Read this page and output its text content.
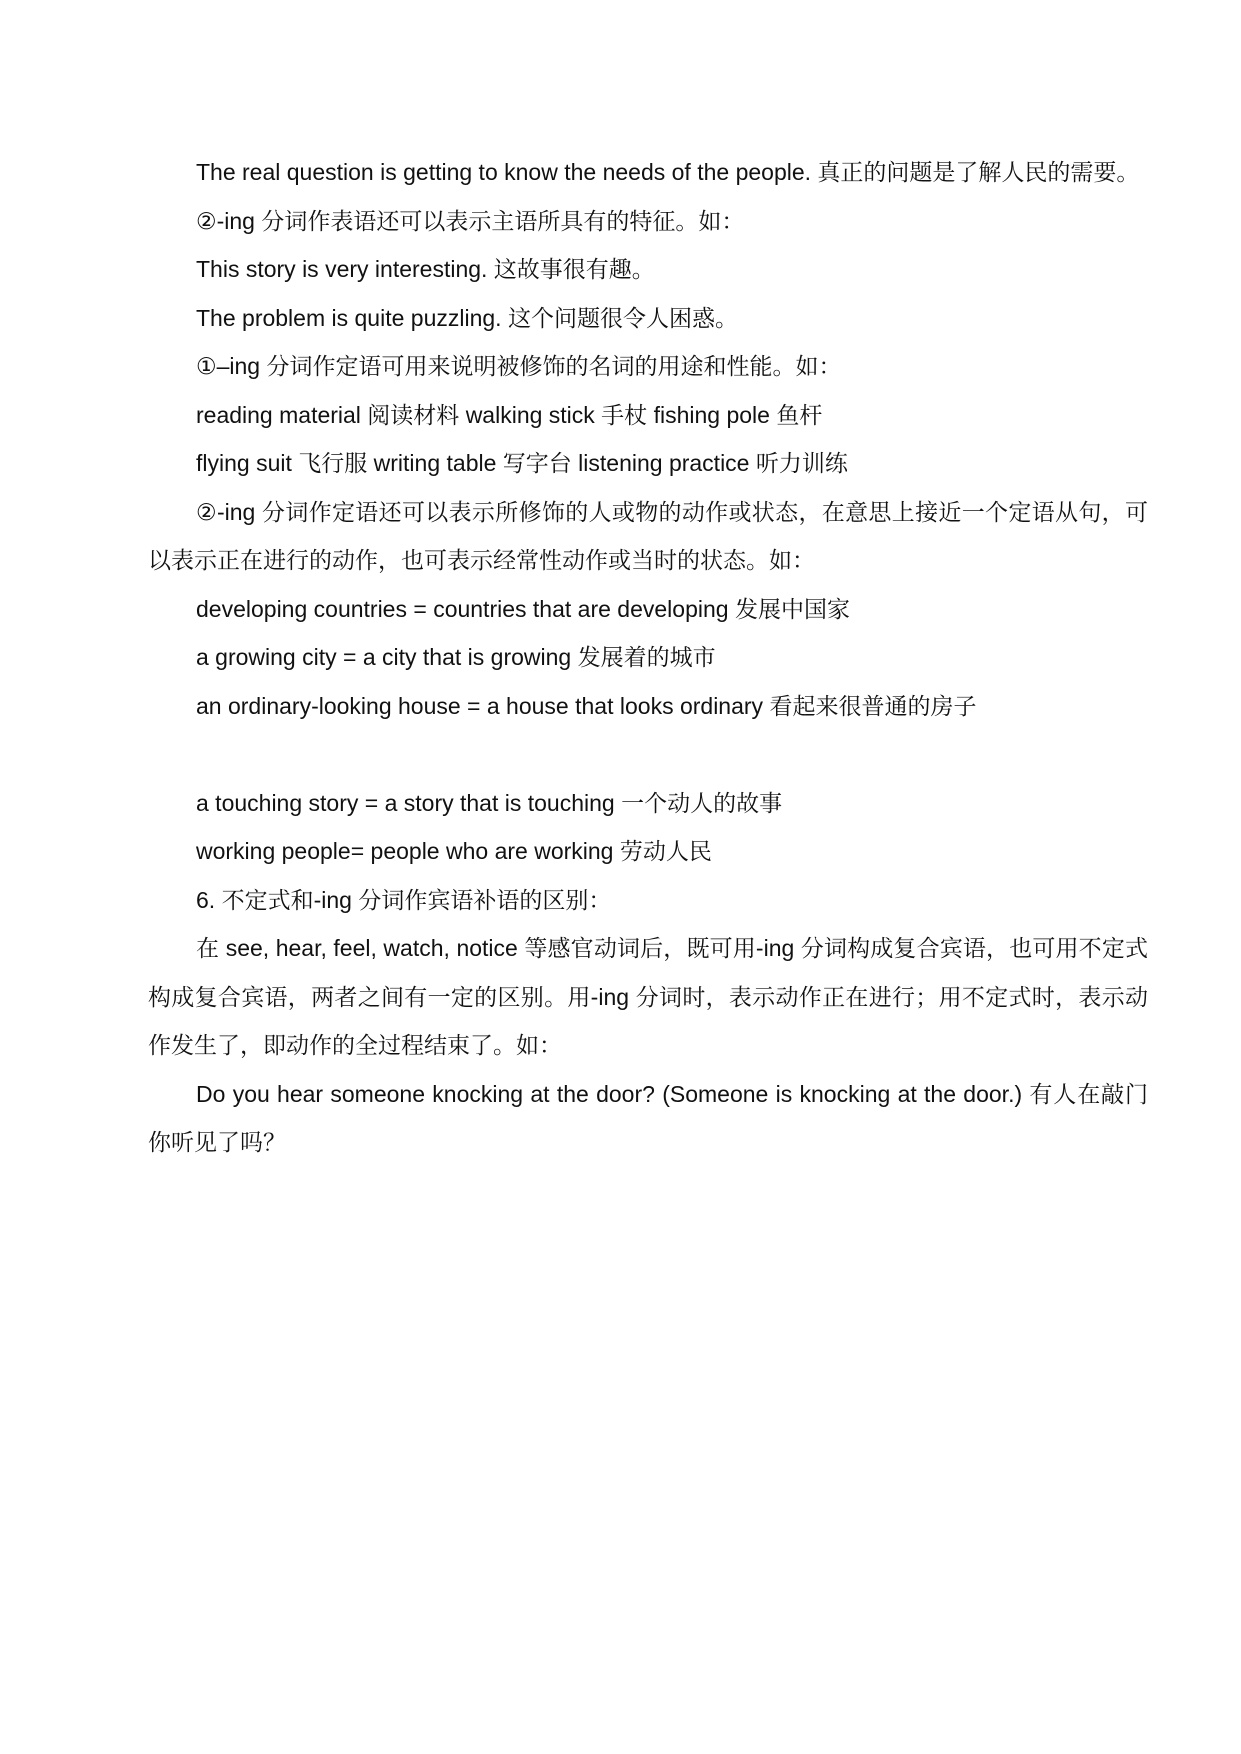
The real question is getting to know the needs of the people. 真正的问题是了解人民的需要。

②-ing 分词作表语还可以表示主语所具有的特征。如：

This story is very interesting. 这故事很有趣。

The problem is quite puzzling. 这个问题很令人困惑。

①–ing 分词作定语可用来说明被修饰的名词的用途和性能。如：

reading material 阅读材料 walking stick 手杖 fishing pole 鱼杆

flying suit 飞行服 writing table 写字台 listening practice 听力训练

②-ing 分词作定语还可以表示所修饰的人或物的动作或状态，在意思上接近一个定语从句，可以表示正在进行的动作，也可表示经常性动作或当时的状态。如：

developing countries = countries that are developing 发展中国家

a growing city = a city that is growing 发展着的城市

an ordinary-looking house = a house that looks ordinary 看起来很普通的房子

a touching story = a story that is touching 一个动人的故事

working people= people who are working 劳动人民

6. 不定式和-ing 分词作宾语补语的区别：

在 see, hear, feel, watch, notice 等感官动词后，既可用-ing 分词构成复合宾语，也可用不定式构成复合宾语，两者之间有一定的区别。用-ing 分词时，表示动作正在进行；用不定式时，表示动作发生了，即动作的全过程结束了。如：

Do you hear someone knocking at the door? (Someone is knocking at the door.) 有人在敲门你听见了吗？
